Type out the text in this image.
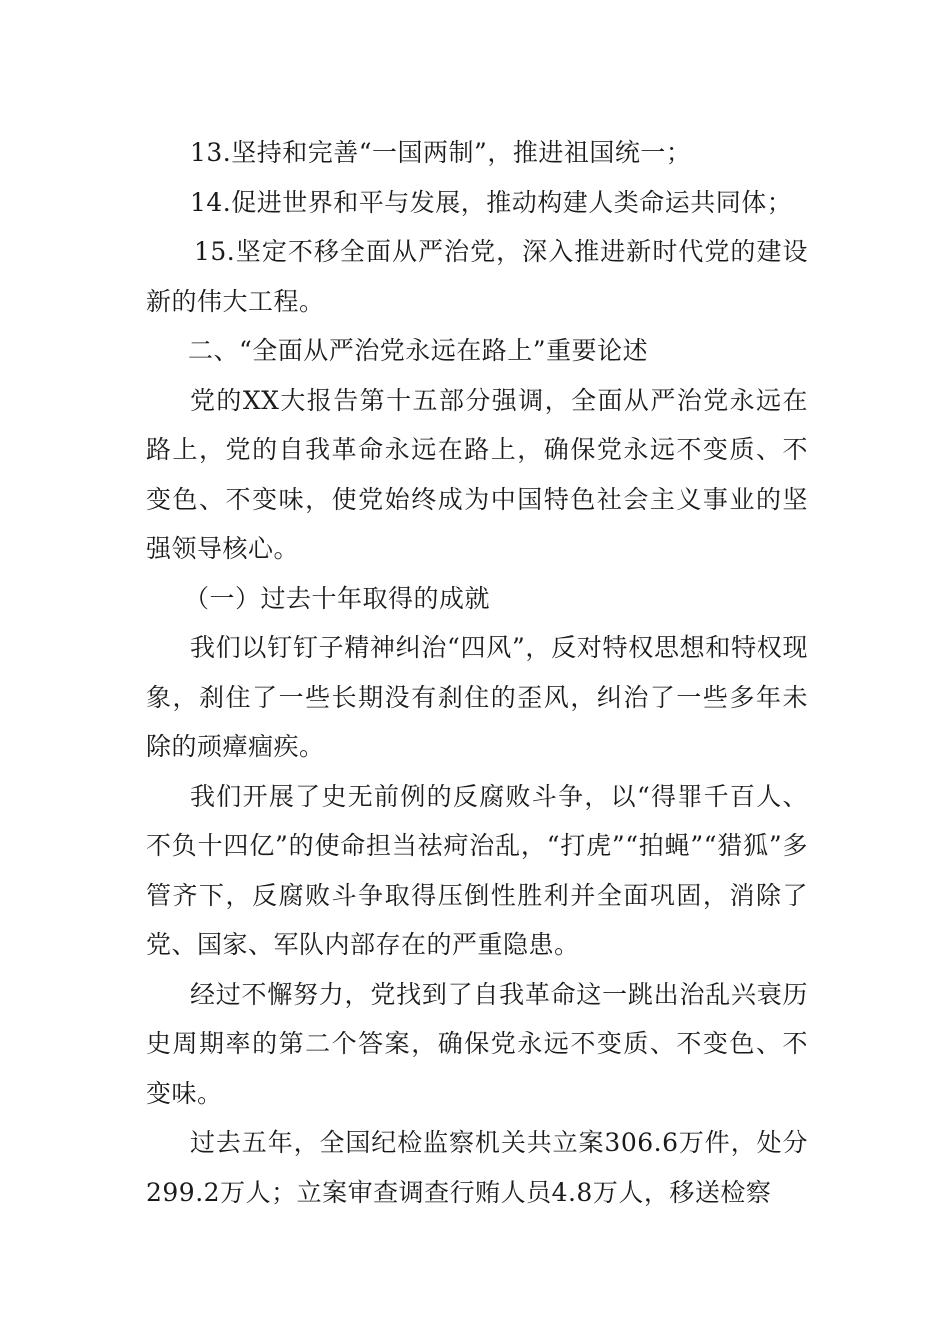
13.坚持和完善“一国两制”，推进祖国统一；

14.促进世界和平与发展，推动构建人类命运共同体；

15.坚定不移全面从严治党，深入推进新时代党的建设新的伟大工程。

二、“全面从严治党永远在路上”重要论述

党的XX大报告第十五部分强调，全面从严治党永远在路上，党的自我革命永远在路上，确保党永远不变质、不变色、不变味，使党始终成为中国特色社会主义事业的坚强领导核心。

（一）过去十年取得的成就

我们以钉钉子精神纠治“四风”，反对特权思想和特权现象，刹住了一些长期没有刹住的歪风，纠治了一些多年未除的顽瘴痼疾。

我们开展了史无前例的反腐败斗争，以“得罪千百人、不负十四亿”的使命担当祛疴治乱，“打虎”“拍蝇”“猎狐”多管齐下，反腐败斗争取得压倒性胜利并全面巩固，消除了党、国家、军队内部存在的严重隐患。

经过不懈努力，党找到了自我革命这一跳出治乱兴衰历史周期率的第二个答案，确保党永远不变质、不变色、不变味。

过去五年，全国纪检监察机关共立案306.6万件，处分299.2万人；立案审查调查行贿人员4.8万人，移送检察
